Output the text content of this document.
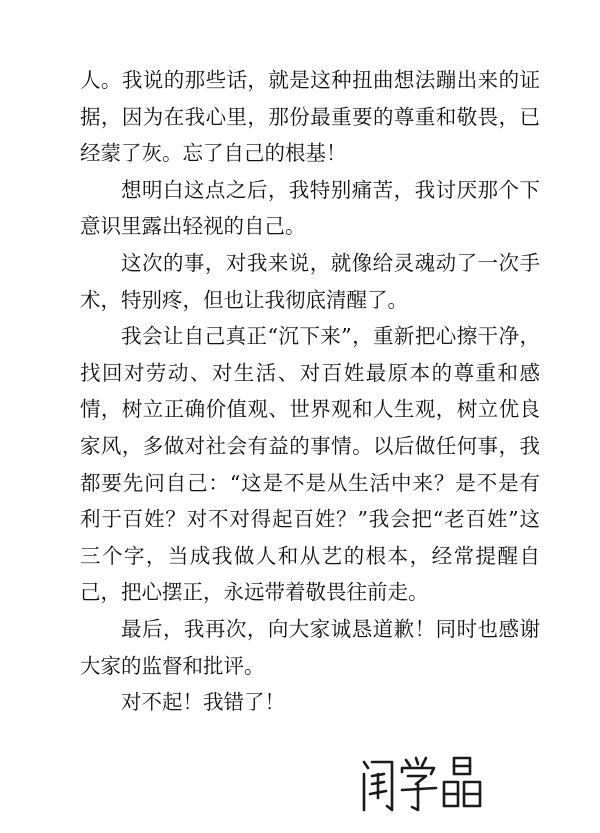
人。我说的那些话，就是这种扭曲想法蹦出来的证据，因为在我心里，那份最重要的尊重和敬畏，已经蒙了灰。忘了自己的根基！

想明白这点之后，我特别痛苦，我讨厌那个下意识里露出轻视的自己。

这次的事，对我来说，就像给灵魂动了一次手术，特别疼，但也让我彻底清醒了。

我会让自己真正“沉下来”，重新把心擦干净，找回对劳动、对生活、对百姓最原本的尊重和感情，树立正确价值观、世界观和人生观，树立优良家风，多做对社会有益的事情。以后做任何事，我都要先问自己：“这是不是从生活中来？是不是有利于百姓？对不对得起百姓？”我会把“老百姓”这三个字，当成我做人和从艺的根本，经常提醒自己，把心摆正，永远带着敬畏往前走。

最后，我再次，向大家诚恳道歉！同时也感谢大家的监督和批评。

对不起！我错了！
